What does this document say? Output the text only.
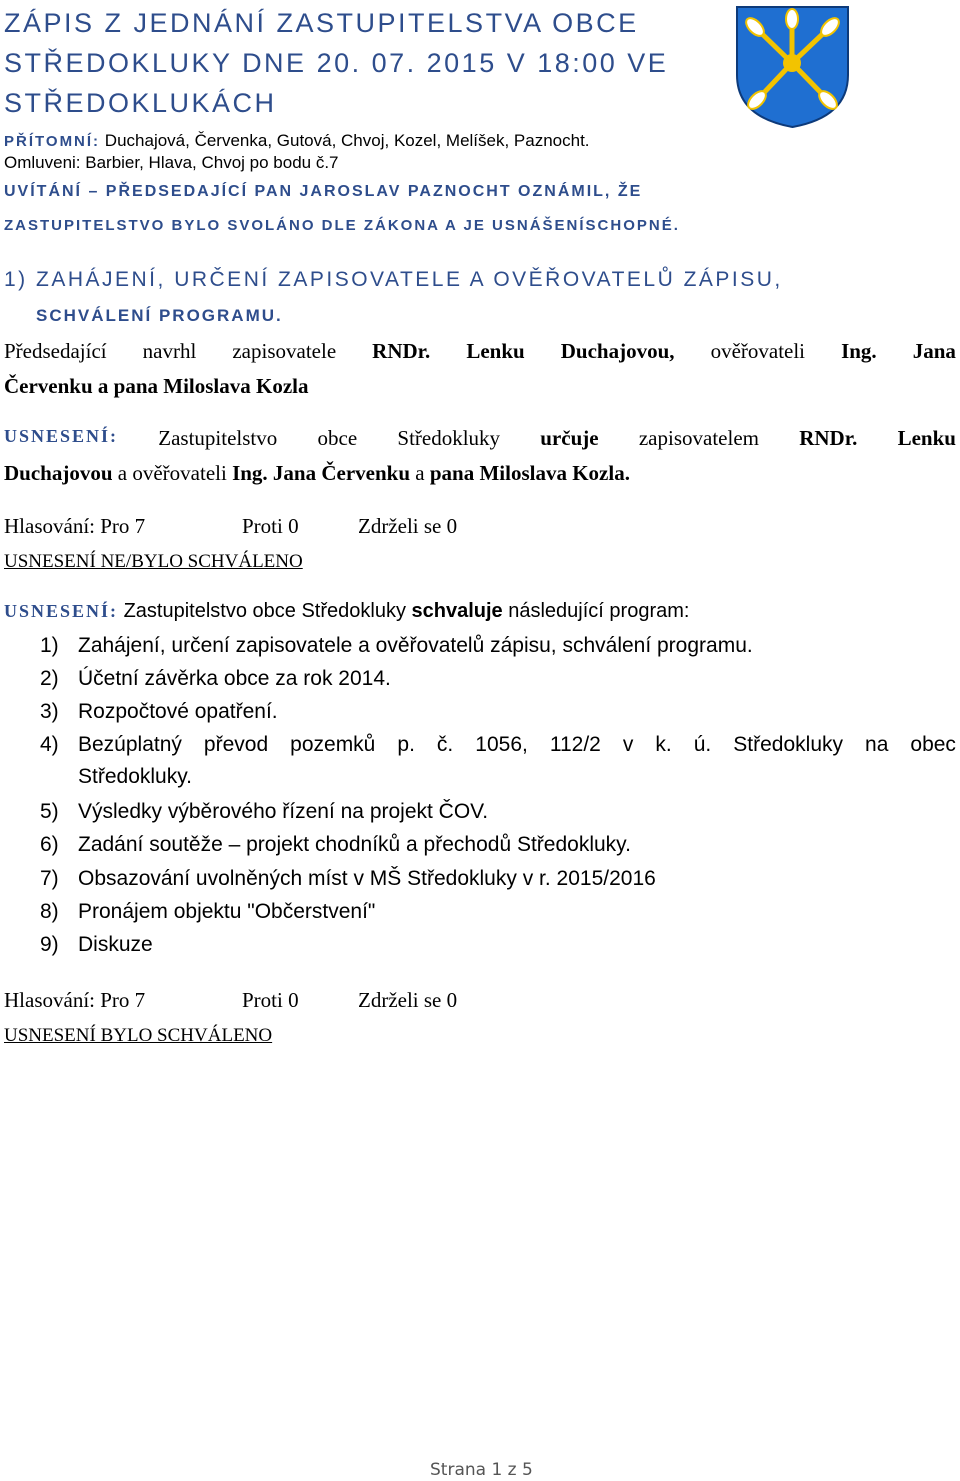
ZÁPIS Z JEDNÁNÍ ZASTUPITELSTVA OBCE
STŘEDOKLUKY DNE 20. 07. 2015 V 18:00 VE
STŘEDOKLUKÁCH
PŘÍTOMNÍ: Duchajová, Červenka, Gutová, Chvoj, Kozel, Melíšek, Paznocht.
Omluveni: Barbier, Hlava, Chvoj po bodu č.7
UVÍTÁNÍ – PŘEDSEDAJÍCÍ PAN JAROSLAV PAZNOCHT OZNÁMIL, ŽE
ZASTUPITELSTVO BYLO SVOLÁNO DLE ZÁKONA A JE USNÁŠENÍSCHOPNÉ.
1) ZAHÁJENÍ, URČENÍ ZAPISOVATELE A OVĚŘOVATELŮ ZÁPISU,
SCHVÁLENÍ PROGRAMU.
Předsedající navrhl zapisovatele RNDr. Lenku Duchajovou, ověřovateli Ing. Jana
Červenku a pana Miloslava Kozla
USNESENÍ: Zastupitelstvo obce Středokluky určuje zapisovatelem RNDr. Lenku
Duchajovou a ověřovateli Ing. Jana Červenku a pana Miloslava Kozla.
Hlasování: Pro 7	Proti 0	Zdrželi se 0
USNESENÍ NE/BYLO SCHVÁLENO
USNESENÍ: Zastupitelstvo obce Středokluky schvaluje následující program:
1) Zahájení, určení zapisovatele a ověřovatelů zápisu, schválení programu.
2) Účetní závěrka obce za rok 2014.
3) Rozpočtové opatření.
4) Bezúplatný převod pozemků p. č. 1056, 112/2 v k. ú. Středokluky na obec
Středokluky.
5) Výsledky výběrového řízení na projekt ČOV.
6) Zadání soutěže – projekt chodníků a přechodů Středokluky.
7) Obsazování uvolněných míst v MŠ Středokluky v r. 2015/2016
8) Pronájem objektu "Občerstvení"
9) Diskuze
Hlasování: Pro 7	Proti 0	Zdrželi se 0
USNESENÍ BYLO SCHVÁLENO
Strana 1 z 5
